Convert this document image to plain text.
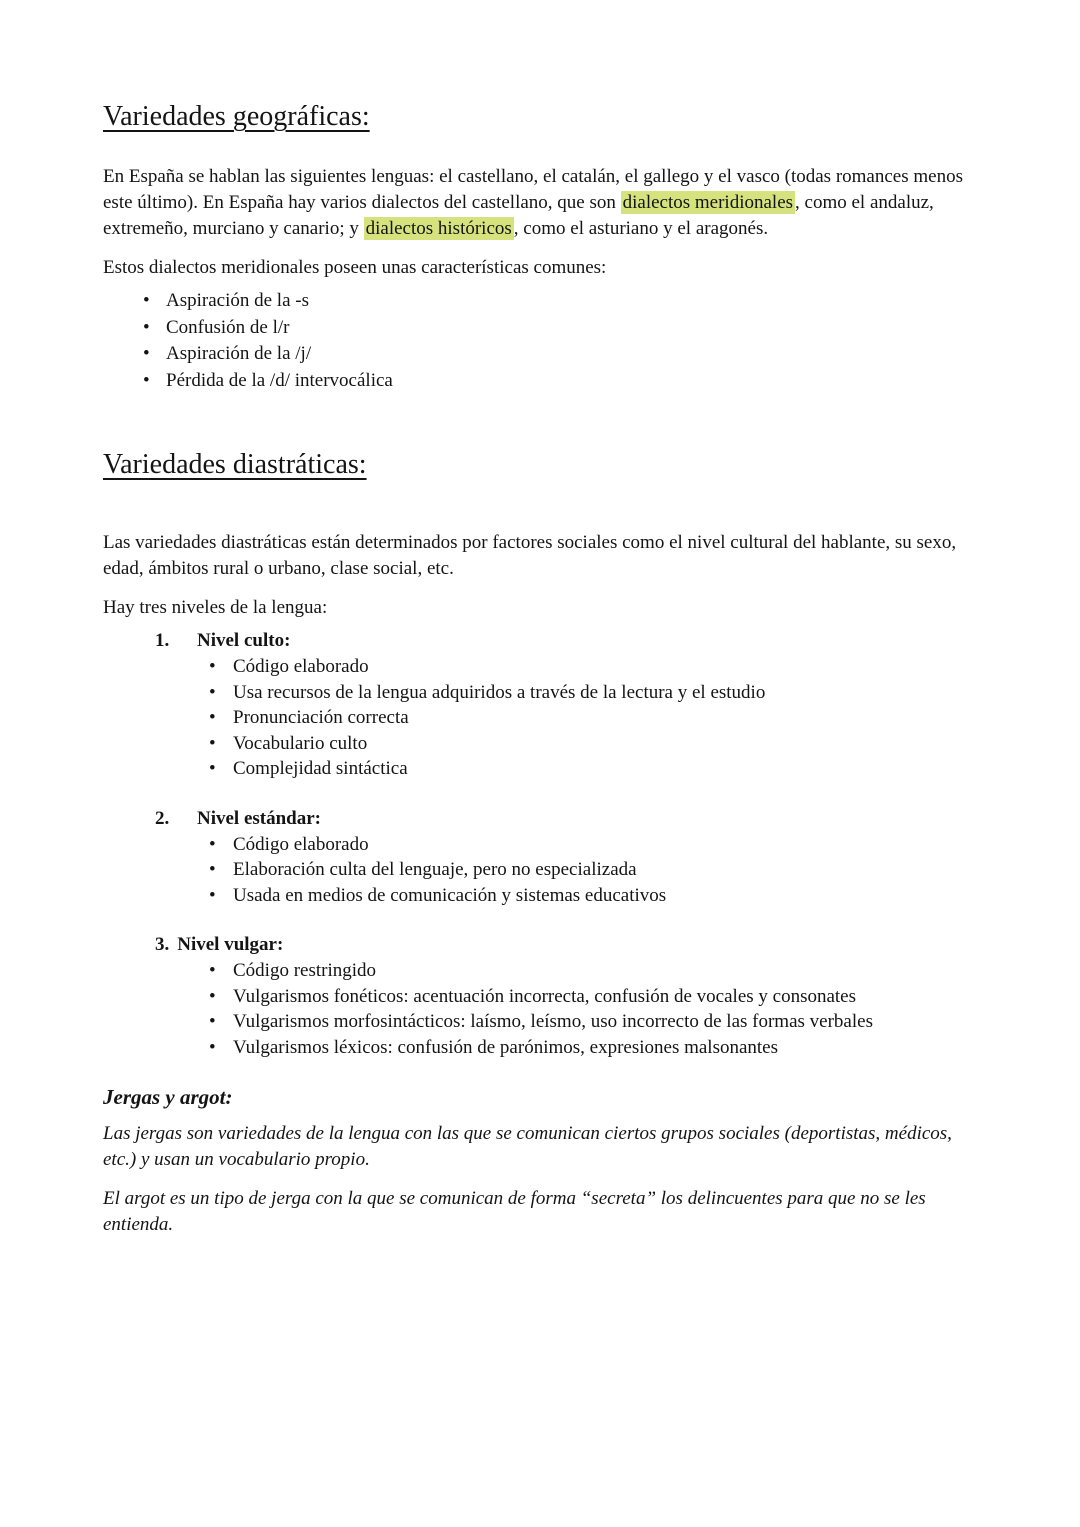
Variedades geográficas:

En España se hablan las siguientes lenguas: el castellano, el catalán, el gallego y el vasco (todas romances menos este último). En España hay varios dialectos del castellano, que son dialectos meridionales , como el andaluz, extremeño, murciano y canario; y dialectos históricos , como el asturiano y el aragonés.

Estos dialectos meridionales poseen unas características comunes:

• Aspiración de la -s
• Confusión de l/r
• Aspiración de la /j/
• Pérdida de la /d/ intervocálica
Variedades diastráticas:

Las variedades diastráticas están determinados por factores sociales como el nivel cultural del hablante, su sexo, edad, ámbitos rural o urbano, clase social, etc.

Hay tres niveles de la lengua:

1. Nivel culto:
• Código elaborado
• Usa recursos de la lengua adquiridos a través de la lectura y el estudio
• Pronunciación correcta
• Vocabulario culto
• Complejidad sintáctica
2. Nivel estándar:
• Código elaborado
• Elaboración culta del lenguaje, pero no especializada
• Usada en medios de comunicación y sistemas educativos
3. Nivel vulgar:
• Código restringido
• Vulgarismos fonéticos: acentuación incorrecta, confusión de vocales y consonates
• Vulgarismos morfosintácticos: laísmo, leísmo, uso incorrecto de las formas verbales
• Vulgarismos léxicos: confusión de parónimos, expresiones malsonantes
Jergas y argot:

Las jergas son variedades de la lengua con las que se comunican ciertos grupos sociales (deportistas, médicos, etc.) y usan un vocabulario propio.

El argot es un tipo de jerga con la que se comunican de forma “secreta” los delincuentes para que no se les entienda.
